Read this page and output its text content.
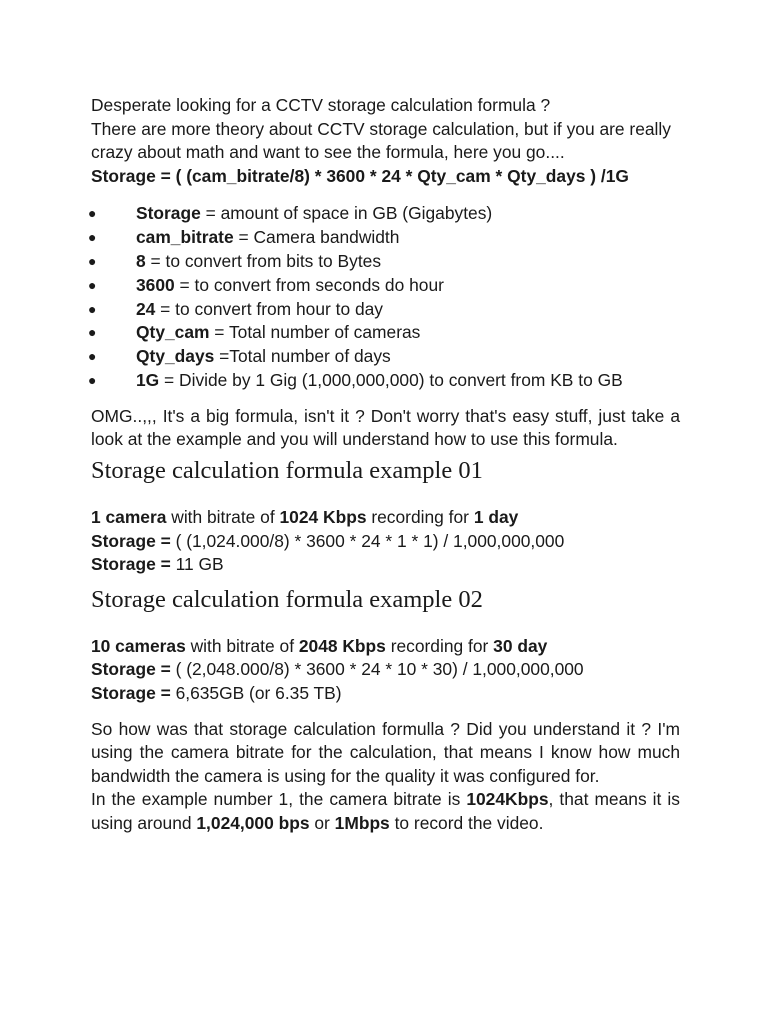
Desperate looking for a CCTV storage calculation formula ?

There are more theory about CCTV storage calculation, but if you are really crazy about math and want to see the formula, here you go....

Storage = ( (cam_bitrate/8) * 3600 * 24 * Qty_cam * Qty_days ) /1G

● Storage = amount of space in GB (Gigabytes)
● cam_bitrate = Camera bandwidth
● 8 = to convert from bits to Bytes
● 3600 = to convert from seconds do hour
● 24 = to convert from hour to day
● Qty_cam = Total number of cameras
● Qty_days =Total number of days
● 1G = Divide by 1 Gig (1,000,000,000) to convert from KB to GB

OMG..,,, It's a big formula, isn't it ? Don't worry that's easy stuff, just take a look at the example and you will understand how to use this formula.

Storage calculation formula example 01

1 camera with bitrate of 1024 Kbps recording for 1 day

Storage = ( (1,024.000/8) * 3600 * 24 * 1 * 1) / 1,000,000,000

Storage = 11 GB

Storage calculation formula example 02

10 cameras with bitrate of 2048 Kbps recording for 30 day

Storage = ( (2,048.000/8) * 3600 * 24 * 10 * 30) / 1,000,000,000

Storage = 6,635GB (or 6.35 TB)

So how was that storage calculation formulla ? Did you understand it ? I'm using the camera bitrate for the calculation, that means I know how much bandwidth the camera is using for the quality it was configured for.

In the example number 1, the camera bitrate is 1024Kbps, that means it is using around 1,024,000 bps or 1Mbps to record the video.
